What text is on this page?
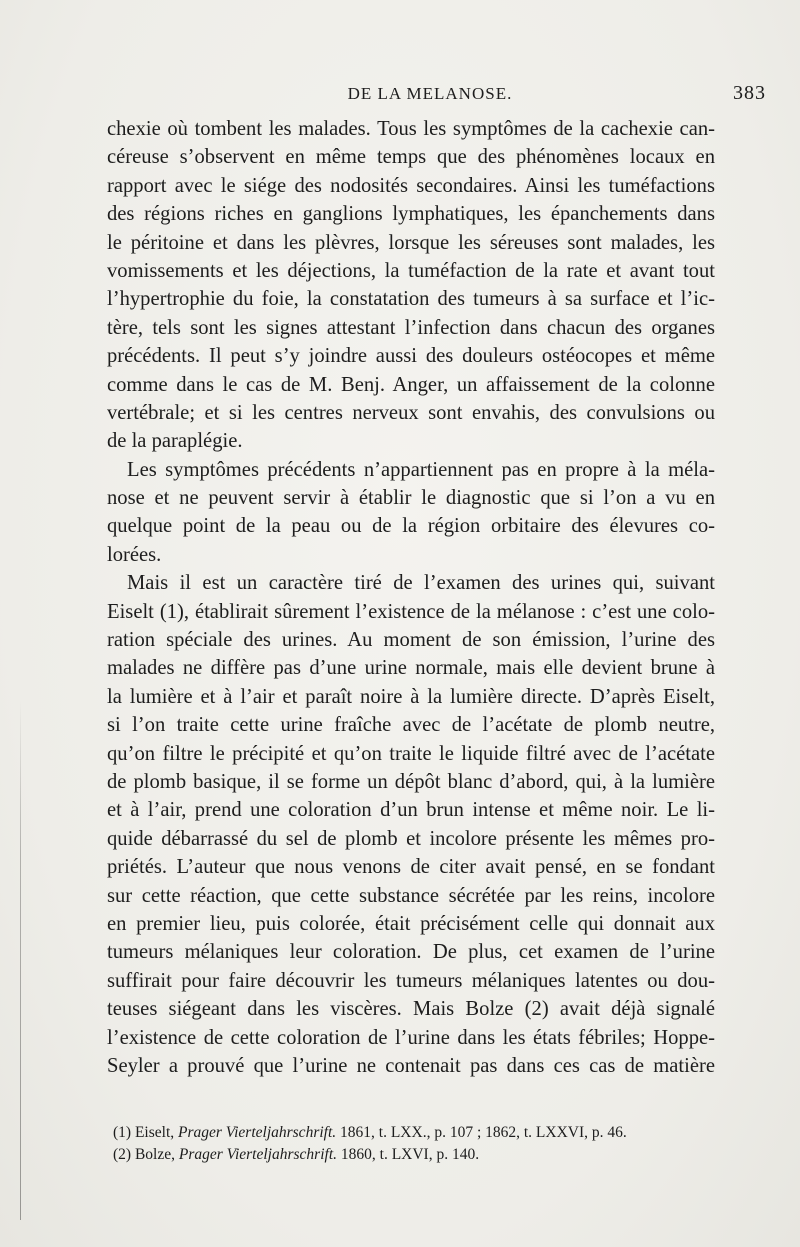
DE LA MELANOSE.	383
chexie où tombent les malades. Tous les symptômes de la cachexie can-
céreuse s’observent en même temps que des phénomènes locaux en
rapport avec le siége des nodosités secondaires. Ainsi les tuméfactions
des régions riches en ganglions lymphatiques, les épanchements dans
le péritoine et dans les plèvres, lorsque les séreuses sont malades, les
vomissements et les déjections, la tuméfaction de la rate et avant tout
l’hypertrophie du foie, la constatation des tumeurs à sa surface et l’ic-
tère, tels sont les signes attestant l’infection dans chacun des organes
précédents. Il peut s’y joindre aussi des douleurs ostéocopes et même
comme dans le cas de M. Benj. Anger, un affaissement de la colonne
vertébrale; et si les centres nerveux sont envahis, des convulsions ou
de la paraplégie.
Les symptômes précédents n’appartiennent pas en propre à la méla-
nose et ne peuvent servir à établir le diagnostic que si l’on a vu en
quelque point de la peau ou de la région orbitaire des élevures co-
lorées.
Mais il est un caractère tiré de l’examen des urines qui, suivant
Eiselt (1), établirait sûrement l’existence de la mélanose : c’est une colo-
ration spéciale des urines. Au moment de son émission, l’urine des
malades ne diffère pas d’une urine normale, mais elle devient brune à
la lumière et à l’air et paraît noire à la lumière directe. D’après Eiselt,
si l’on traite cette urine fraîche avec de l’acétate de plomb neutre,
qu’on filtre le précipité et qu’on traite le liquide filtré avec de l’acétate
de plomb basique, il se forme un dépôt blanc d’abord, qui, à la lumière
et à l’air, prend une coloration d’un brun intense et même noir. Le li-
quide débarrassé du sel de plomb et incolore présente les mêmes pro-
priétés. L’auteur que nous venons de citer avait pensé, en se fondant
sur cette réaction, que cette substance sécrétée par les reins, incolore
en premier lieu, puis colorée, était précisément celle qui donnait aux
tumeurs mélaniques leur coloration. De plus, cet examen de l’urine
suffirait pour faire découvrir les tumeurs mélaniques latentes ou dou-
teuses siégeant dans les viscères. Mais Bolze (2) avait déjà signalé
l’existence de cette coloration de l’urine dans les états fébriles; Hoppe-
Seyler a prouvé que l’urine ne contenait pas dans ces cas de matière
(1) Eiselt, Prager Vierteljahrschrift. 1861, t. LXX., p. 107 ; 1862, t. LXXVI, p. 46.
(2) Bolze, Prager Vierteljahrschrift. 1860, t. LXVI, p. 140.
